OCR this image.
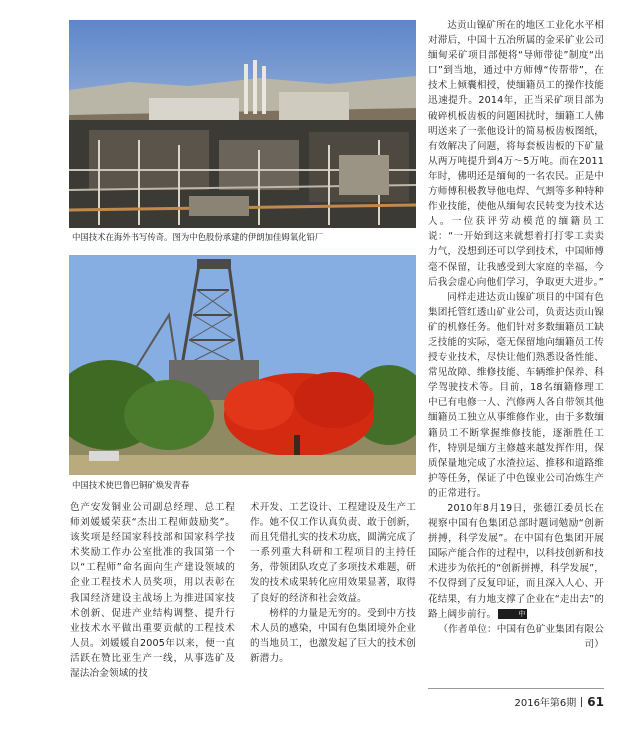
中国技术在海外书写传奇。图为中色股份承建的伊朗加佳姆氧化铅厂
中国技术使巴鲁巴铜矿焕发青春

达贡山镍矿所在的地区工业化水平相对滞后，中国十五冶所属的金采矿业公司缅甸采矿项目部便将“导师带徒”制度“出口”到当地，通过中方师傅“传帮带”，在技术上倾囊相授，使缅籍员工的操作技能迅速提升。2014年，正当采矿项目部为破碎机板齿板的问题困扰时，缅籍工人佛明送来了一张他设计的简易板齿板图纸，有效解决了问题，将每套板齿板的下矿量从两万吨提升到4万～5万吨。而在2011年时，佛明还是缅甸的一名农民。正是中方师傅积极教导他电焊、气割等多种特种作业技能，使他从缅甸农民转变为技术达人。一位获评劳动模范的缅籍员工说：“一开始到这来就想着打打零工卖卖力气，没想到还可以学到技术，中国师傅毫不保留，让我感受到大家庭的幸福，今后我会虚心向他们学习，争取更大进步。”

同样走进达贡山镍矿项目的中国有色集团托管红透山矿业公司，负责达贡山镍矿的机修任务。他们针对多数缅籍员工缺乏技能的实际，毫无保留地向缅籍员工传授专业技术，尽快让他们熟悉设备性能、常见故障、维修技能、车辆维护保养、科学驾驶技术等。目前，18名缅籍修理工中已有电修一人、汽修两人各自带领其他缅籍员工独立从事维修作业，由于多数缅籍员工不断掌握维修技能，逐渐胜任工作，特别是缅方主修越来越发挥作用，保质保量地完成了水渣拉运、推移和道路维护等任务，保证了中色镍业公司冶炼生产的正常进行。

2010年8月19日，张德江委员长在视察中国有色集团总部时题词勉励“创新拼搏，科学发展”。在中国有色集团开展国际产能合作的过程中，以科技创新和技术进步为依托的“创新拼搏，科学发展”，不仅得到了反复印证，而且深入人心、开花结果，有力地支撑了企业在“走出去”的路上阔步前行。	中

（作者单位：中国有色矿业集团有限公司）

色产安发铜业公司副总经理、总工程师刘媛媛荣获“杰出工程师鼓励奖”。该奖项是经国家科技部和国家科学技术奖励工作办公室批准的我国第一个以“工程师”命名面向生产建设领域的企业工程技术人员奖项，用以表彰在我国经济建设主战场上为推进国家技术创新、促进产业结构调整、提升行业技术水平做出重要贡献的工程技术人员。刘媛媛自2005年以来，便一直活跃在赞比亚生产一线，从事选矿及湿法冶金领域的技

术开发、工艺设计、工程建设及生产工作。她不仅工作认真负责、敢于创新，而且凭借扎实的技术功底，圆满完成了一系列重大科研和工程项目的主持任务，带领团队攻克了多项技术难题，研发的技术成果转化应用效果显著，取得了良好的经济和社会效益。

榜样的力量是无穷的。受到中方技术人员的感染，中国有色集团境外企业的当地员工，也激发起了巨大的技术创新潜力。

2016年第6期 61
